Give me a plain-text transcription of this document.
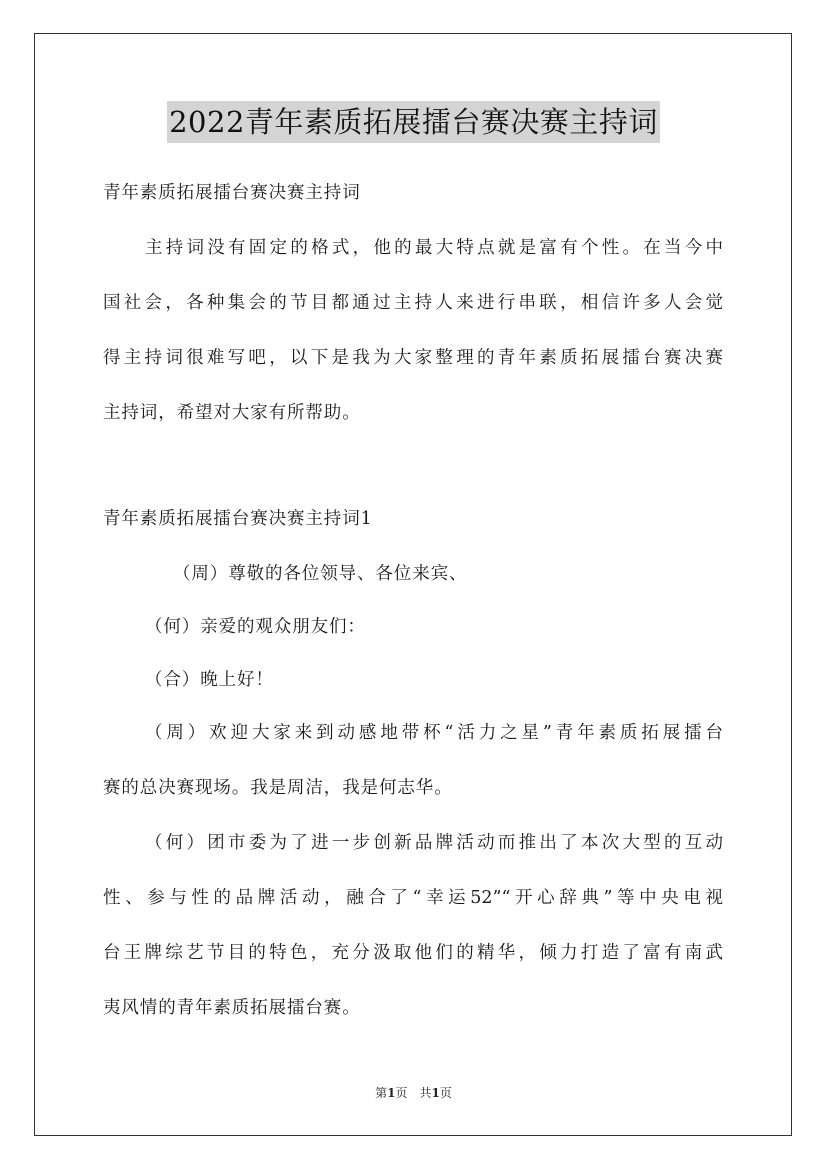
2022青年素质拓展擂台赛决赛主持词
青年素质拓展擂台赛决赛主持词
主持词没有固定的格式，他的最大特点就是富有个性。在当今中
国社会，各种集会的节目都通过主持人来进行串联，相信许多人会觉
得主持词很难写吧，以下是我为大家整理的青年素质拓展擂台赛决赛
主持词，希望对大家有所帮助。
青年素质拓展擂台赛决赛主持词1
（周）尊敬的各位领导、各位来宾、
（何）亲爱的观众朋友们：
（合）晚上好！
（周）欢迎大家来到动感地带杯“活力之星”青年素质拓展擂台
赛的总决赛现场。我是周洁，我是何志华。
（何）团市委为了进一步创新品牌活动而推出了本次大型的互动
性、参与性的品牌活动，融合了“幸运52”“开心辞典”等中央电视
台王牌综艺节目的特色，充分汲取他们的精华，倾力打造了富有南武
夷风情的青年素质拓展擂台赛。
第1页　共1页
